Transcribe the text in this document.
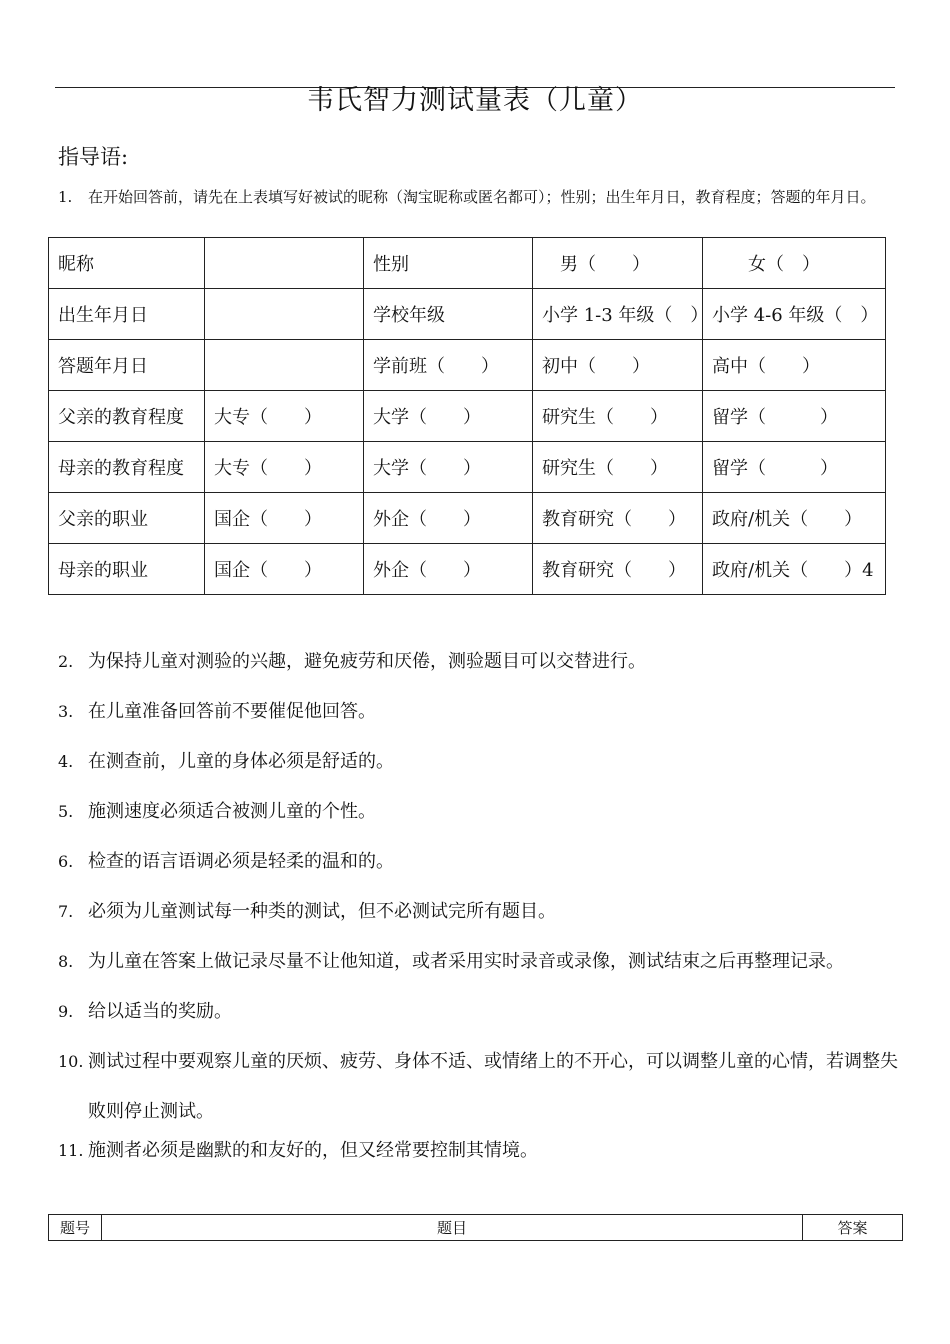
韦氏智力测试量表（儿童）
指导语:
1. 在开始回答前，请先在上表填写好被试的昵称（淘宝昵称或匿名都可）；性别；出生年月日，教育程度；答题的年月日。
昵称		性别	　男（　　）	　　女（　）
出生年月日		学校年级	小学 1-3 年级（　）	小学 4-6 年级（　）
答题年月日		学前班（　　）	初中（　　）	高中（　　）
父亲的教育程度	大专（　　）	大学（　　）	研究生（　　）	留学（　　　）
母亲的教育程度	大专（　　）	大学（　　）	研究生（　　）	留学（　　　）
父亲的职业	国企（　　）	外企（　　）	教育研究（　　）	政府/机关（　　）
母亲的职业	国企（　　）	外企（　　）	教育研究（　　）	政府/机关（　　）4
2. 为保持儿童对测验的兴趣，避免疲劳和厌倦，测验题目可以交替进行。
3. 在儿童准备回答前不要催促他回答。
4. 在测查前，儿童的身体必须是舒适的。
5. 施测速度必须适合被测儿童的个性。
6. 检查的语言语调必须是轻柔的温和的。
7. 必须为儿童测试每一种类的测试，但不必测试完所有题目。
8. 为儿童在答案上做记录尽量不让他知道，或者采用实时录音或录像，测试结束之后再整理记录。
9. 给以适当的奖励。
10. 测试过程中要观察儿童的厌烦、疲劳、身体不适、或情绪上的不开心，可以调整儿童的心情，若调整失败则停止测试。
11. 施测者必须是幽默的和友好的，但又经常要控制其情境。
题号	题目	答案
